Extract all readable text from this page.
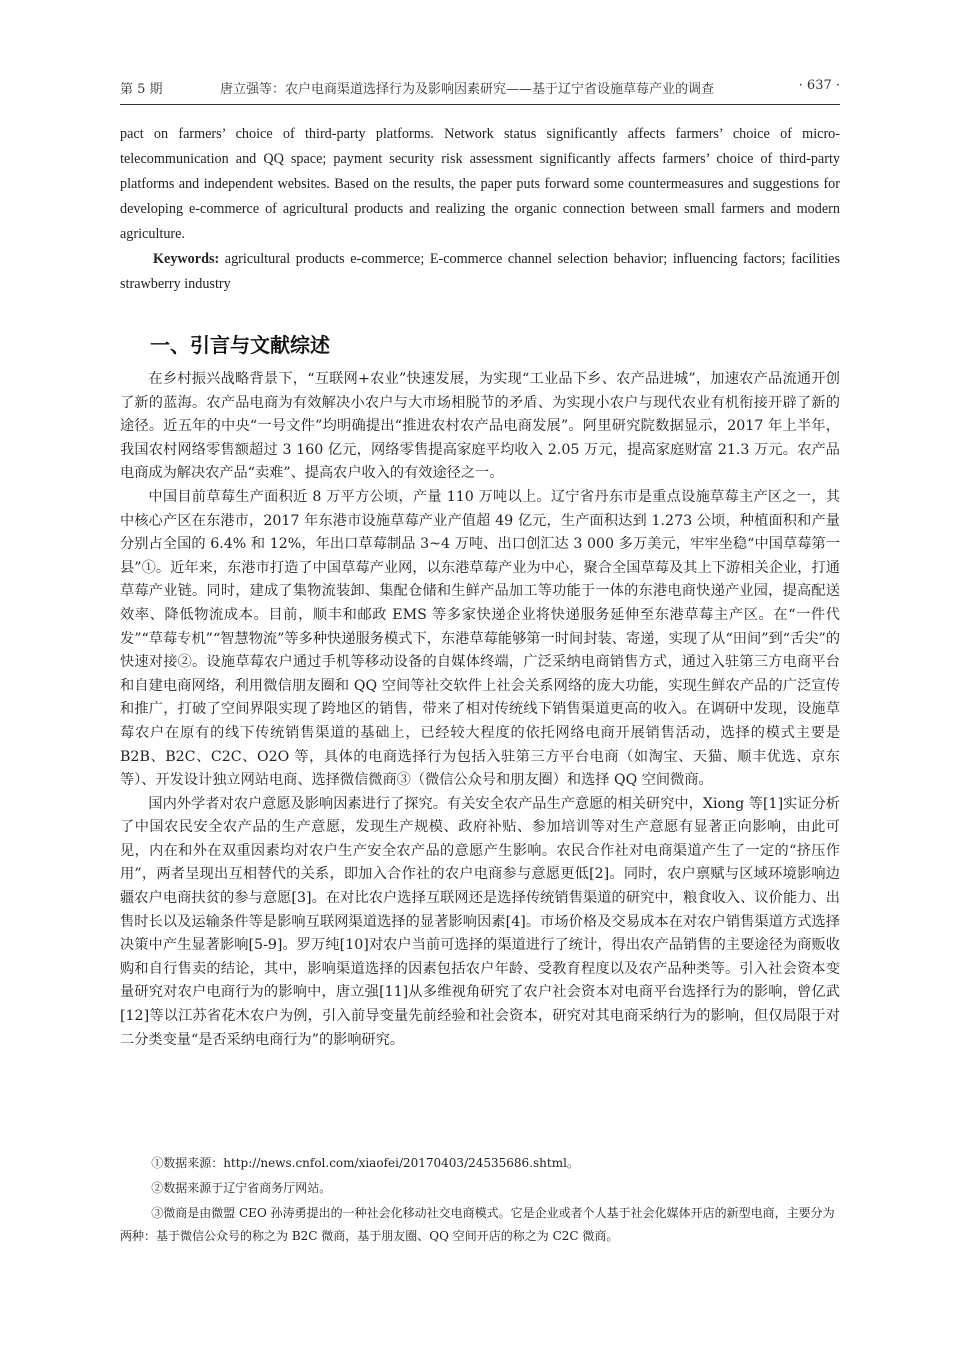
第 5 期	唐立强等：农户电商渠道选择行为及影响因素研究——基于辽宁省设施草莓产业的调查	· 637 ·
pact on farmers’ choice of third-party platforms. Network status significantly affects farmers’ choice of micro-telecommunication and QQ space; payment security risk assessment significantly affects farmers’ choice of third-party platforms and independent websites. Based on the results, the paper puts forward some countermeasures and suggestions for developing e-commerce of agricultural products and realizing the organic connection between small farmers and modern agriculture.
Keywords: agricultural products e-commerce; E-commerce channel selection behavior; influencing factors; facilities strawberry industry
一、引言与文献综述

在乡村振兴战略背景下，“互联网+农业”快速发展，为实现“工业品下乡、农产品进城”，加速农产品流通开创了新的蓝海。农产品电商为有效解决小农户与大市场相脱节的矛盾、为实现小农户与现代农业有机衔接开辟了新的途径。近五年的中央“一号文件”均明确提出“推进农村农产品电商发展”。阿里研究院数据显示，2017 年上半年，我国农村网络零售额超过 3 160 亿元，网络零售提高家庭平均收入 2.05 万元，提高家庭财富 21.3 万元。农产品电商成为解决农产品“卖难”、提高农户收入的有效途径之一。

中国目前草莓生产面积近 8 万平方公顷，产量 110 万吨以上。辽宁省丹东市是重点设施草莓主产区之一，其中核心产区在东港市，2017 年东港市设施草莓产业产值超 49 亿元，生产面积达到 1.273 公顷，种植面积和产量分别占全国的 6.4% 和 12%，年出口草莓制品 3~4 万吨、出口创汇达 3 000 多万美元，牢牢坐稳“中国草莓第一县”①。近年来，东港市打造了中国草莓产业网，以东港草莓产业为中心，聚合全国草莓及其上下游相关企业，打通草莓产业链。同时，建成了集物流装卸、集配仓储和生鲜产品加工等功能于一体的东港电商快递产业园，提高配送效率、降低物流成本。目前，顺丰和邮政 EMS 等多家快递企业将快递服务延伸至东港草莓主产区。在“一件代发”“草莓专机”“智慧物流”等多种快递服务模式下，东港草莓能够第一时间封装、寄递，实现了从“田间”到“舌尖”的快速对接②。设施草莓农户通过手机等移动设备的自媒体终端，广泛采纳电商销售方式，通过入驻第三方电商平台和自建电商网络，利用微信朋友圈和 QQ 空间等社交软件上社会关系网络的庞大功能，实现生鲜农产品的广泛宣传和推广，打破了空间界限实现了跨地区的销售，带来了相对传统线下销售渠道更高的收入。在调研中发现，设施草莓农户在原有的线下传统销售渠道的基础上，已经较大程度的依托网络电商开展销售活动，选择的模式主要是 B2B、B2C、C2C、O2O 等，具体的电商选择行为包括入驻第三方平台电商（如淘宝、天猫、顺丰优选、京东等）、开发设计独立网站电商、选择微信微商③（微信公众号和朋友圈）和选择 QQ 空间微商。

国内外学者对农户意愿及影响因素进行了探究。有关安全农产品生产意愿的相关研究中，Xiong 等[1]实证分析了中国农民安全农产品的生产意愿，发现生产规模、政府补贴、参加培训等对生产意愿有显著正向影响，由此可见，内在和外在双重因素均对农户生产安全农产品的意愿产生影响。农民合作社对电商渠道产生了一定的“挤压作用”，两者呈现出互相替代的关系，即加入合作社的农户电商参与意愿更低[2]。同时，农户禀赋与区域环境影响边疆农户电商扶贫的参与意愿[3]。在对比农户选择互联网还是选择传统销售渠道的研究中，粮食收入、议价能力、出售时长以及运输条件等是影响互联网渠道选择的显著影响因素[4]。市场价格及交易成本在对农户销售渠道方式选择决策中产生显著影响[5-9]。罗万纯[10]对农户当前可选择的渠道进行了统计，得出农产品销售的主要途径为商贩收购和自行售卖的结论，其中，影响渠道选择的因素包括农户年龄、受教育程度以及农产品种类等。引入社会资本变量研究对农户电商行为的影响中，唐立强[11]从多维视角研究了农户社会资本对电商平台选择行为的影响，曾亿武[12]等以江苏省花木农户为例，引入前导变量先前经验和社会资本，研究对其电商采纳行为的影响，但仅局限于对二分类变量“是否采纳电商行为”的影响研究。

①数据来源：http://news.cnfol.com/xiaofei/20170403/24535686.shtml。

②数据来源于辽宁省商务厅网站。

③微商是由微盟 CEO 孙涛勇提出的一种社会化移动社交电商模式。它是企业或者个人基于社会化媒体开店的新型电商，主要分为两种：基于微信公众号的称之为 B2C 微商，基于朋友圈、QQ 空间开店的称之为 C2C 微商。
